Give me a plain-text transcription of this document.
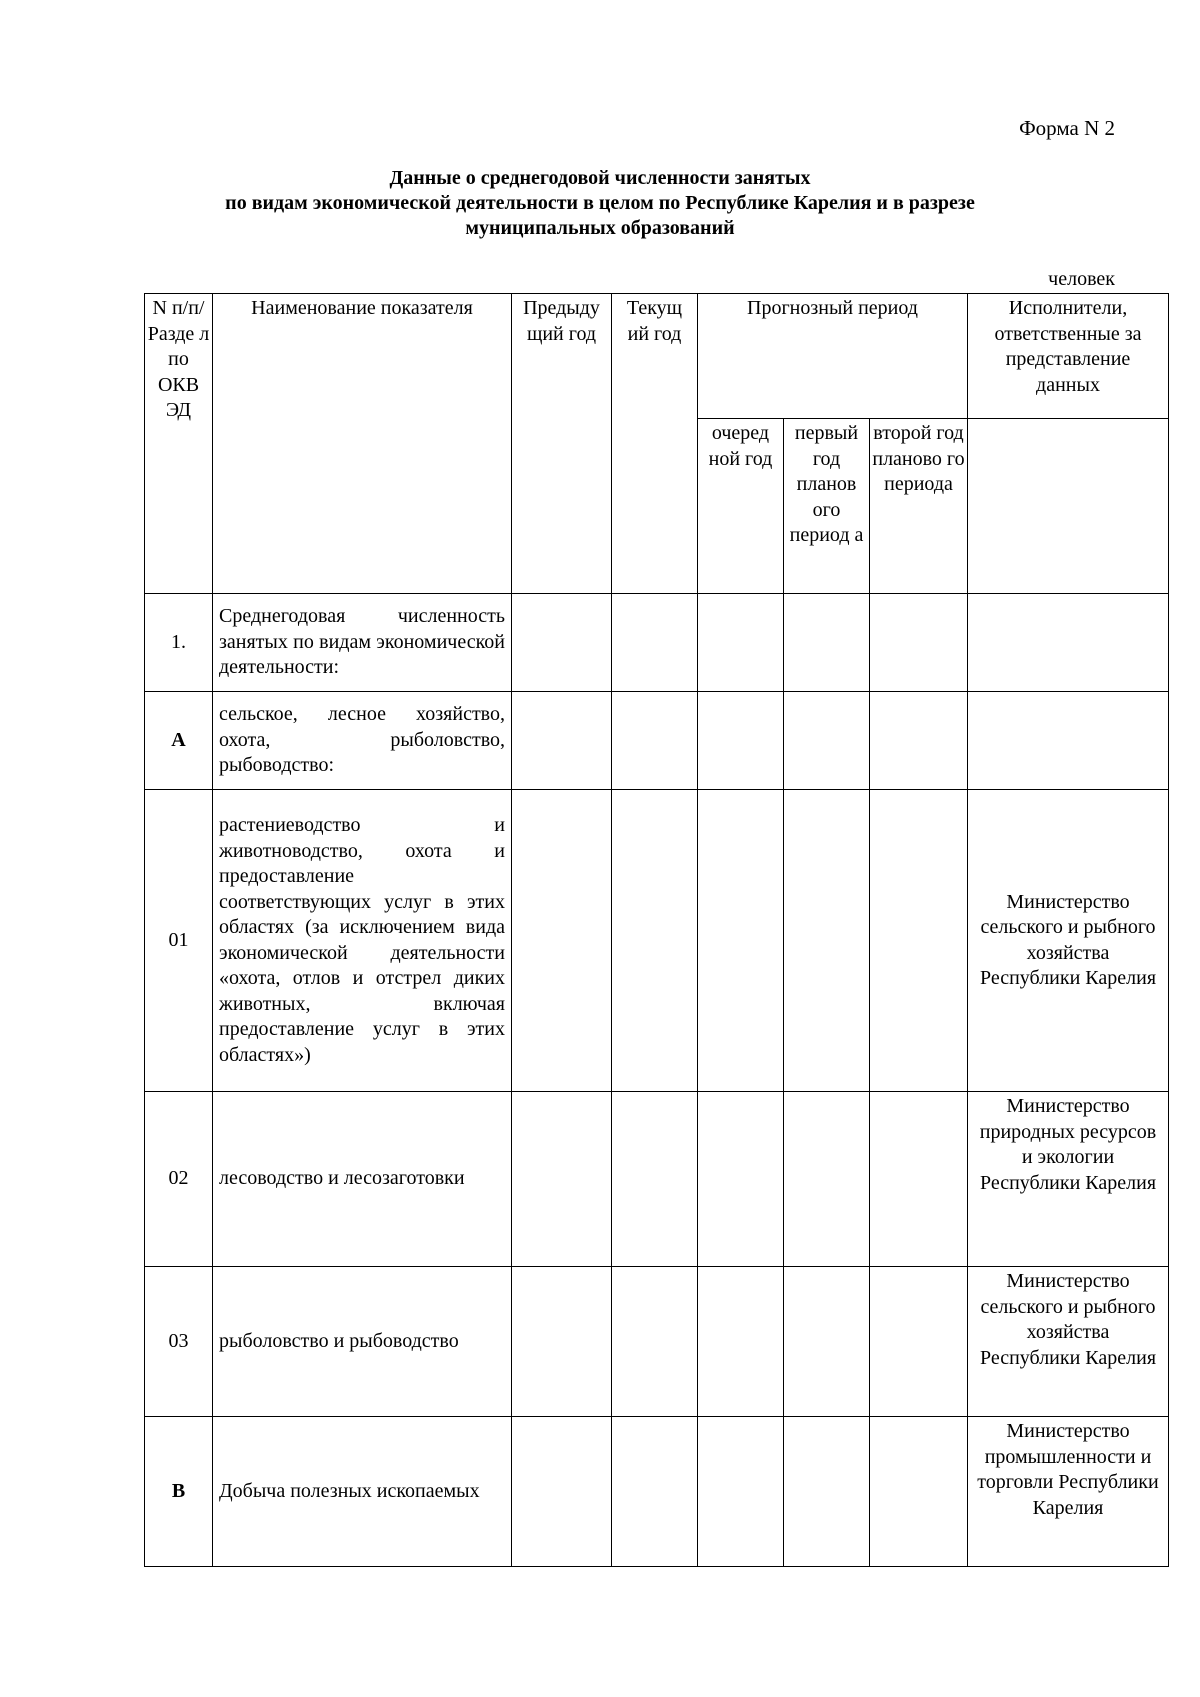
Форма N 2
Данные о среднегодовой численности занятых
по видам экономической деятельности в целом по Республике Карелия и в разрезе
муниципальных образований
человек
N п/п/ Разде л по ОКВ ЭД	Наименование показателя	Предыду щий год	Текущ ий год	Прогнозный период			Исполнители, ответственные за представление данных
				очеред ной год	первый год планов ого период а	второй год планово го периода	
1.	Среднегодовая численность занятых по видам экономической деятельности:						
A	сельское, лесное хозяйство, охота, рыболовство, рыбоводство:						
01	растениеводство и животноводство, охота и предоставление соответствующих услуг в этих областях (за исключением вида экономической деятельности «охота, отлов и отстрел диких животных, включая предоставление услуг в этих областях»)						Министерство сельского и рыбного хозяйства Республики Карелия
02	лесоводство и лесозаготовки						Министерство природных ресурсов и экологии Республики Карелия
03	рыболовство и рыбоводство						Министерство сельского и рыбного хозяйства Республики Карелия
B	Добыча полезных ископаемых						Министерство промышленности и торговли Республики Карелия
